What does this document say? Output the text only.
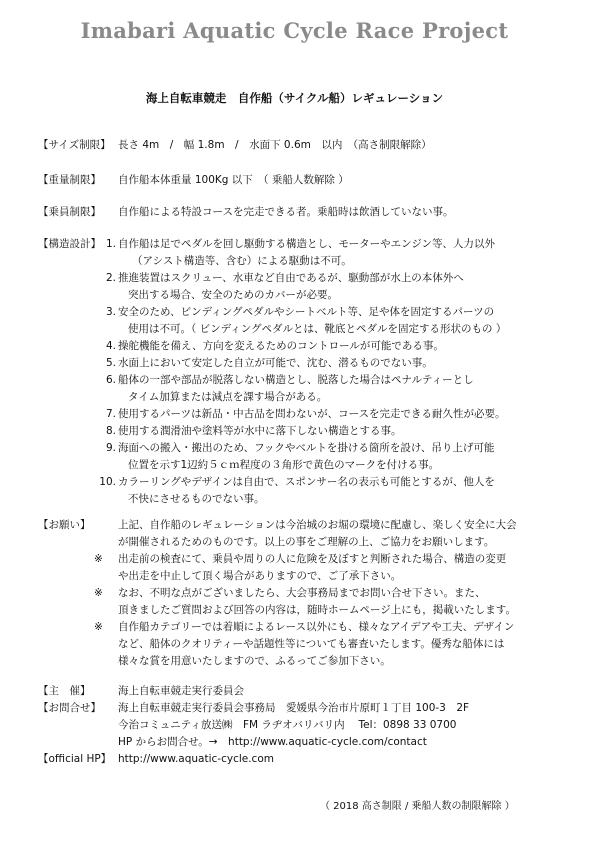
Imabari Aquatic Cycle Race Project
海上自転車競走　自作船（サイクル船）レギュレーション
【サイズ制限】 長さ 4m　/　幅 1.8m　/　水面下 0.6m　以内　（高さ制限解除）
【重量制限】	自作船本体重量 100Kg 以下　（ 乗船人数解除 ）
【乗員制限】	自作船による特設コースを完走できる者。乗船時は飲酒していない事。
【構造設計】 1. 自作船は足でペダルを回し駆動する構造とし、モーターやエンジン等、人力以外
（アシスト構造等、含む）による駆動は不可。
2. 推進装置はスクリュー、水車など自由であるが、駆動部が水上の本体外へ
突出する場合、安全のためのカバーが必要。
3. 安全のため、ビンディングペダルやシートベルト等、足や体を固定するパーツの
使用は不可。（ ビンディングペダルとは、靴底とペダルを固定する形状のもの ）
4. 操舵機能を備え、方向を変えるためのコントロールが可能である事。
5. 水面上において安定した自立が可能で、沈む、潜るものでない事。
6. 船体の一部や部品が脱落しない構造とし、脱落した場合はペナルティーとし
タイム加算または減点を課す場合がある。
7. 使用するパーツは新品・中古品を問わないが、コースを完走できる耐久性が必要。
8. 使用する潤滑油や塗料等が水中に落下しない構造とする事。
9. 海面への搬入・搬出のため、フックやベルトを掛ける箇所を設け、吊り上げ可能
位置を示す1辺約５ｃｍ程度の３角形で黄色のマークを付ける事。
10. カラーリングやデザインは自由で、スポンサー名の表示も可能とするが、他人を
不快にさせるものでない事。
【お願い】	上記、自作船のレギュレーションは今治城のお堀の環境に配慮し、楽しく安全に大会
が開催されるためのものです。以上の事をご理解の上、ご協力をお願いします。
※ 出走前の検査にて、乗員や周りの人に危険を及ぼすと判断された場合、構造の変更
や出走を中止して頂く場合がありますので、ご了承下さい。
※ なお、不明な点がございましたら、大会事務局までお問い合せ下さい。また、
頂きましたご質問および回答の内容は，随時ホームページ上にも，掲載いたします。
※ 自作船カテゴリーでは着順によるレース以外にも、様々なアイデアや工夫、デザイン
など、船体のクオリティーや話題性等についても審査いたします。優秀な船体には
様々な賞を用意いたしますので、ふるってご参加下さい。
【主　催】	海上自転車競走実行委員会
【お問合せ】	海上自転車競走実行委員会事務局　愛媛県今治市片原町１丁目 100-3　2F
今治コミュニティ放送㈱　FM ラヂオバリバリ内　 Tel：0898 33 0700
HP からお問合せ。→　http://www.aquatic-cycle.com/contact
【official HP】 http://www.aquatic-cycle.com
（ 2018 高さ制限 / 乗船人数の制限解除 ）
